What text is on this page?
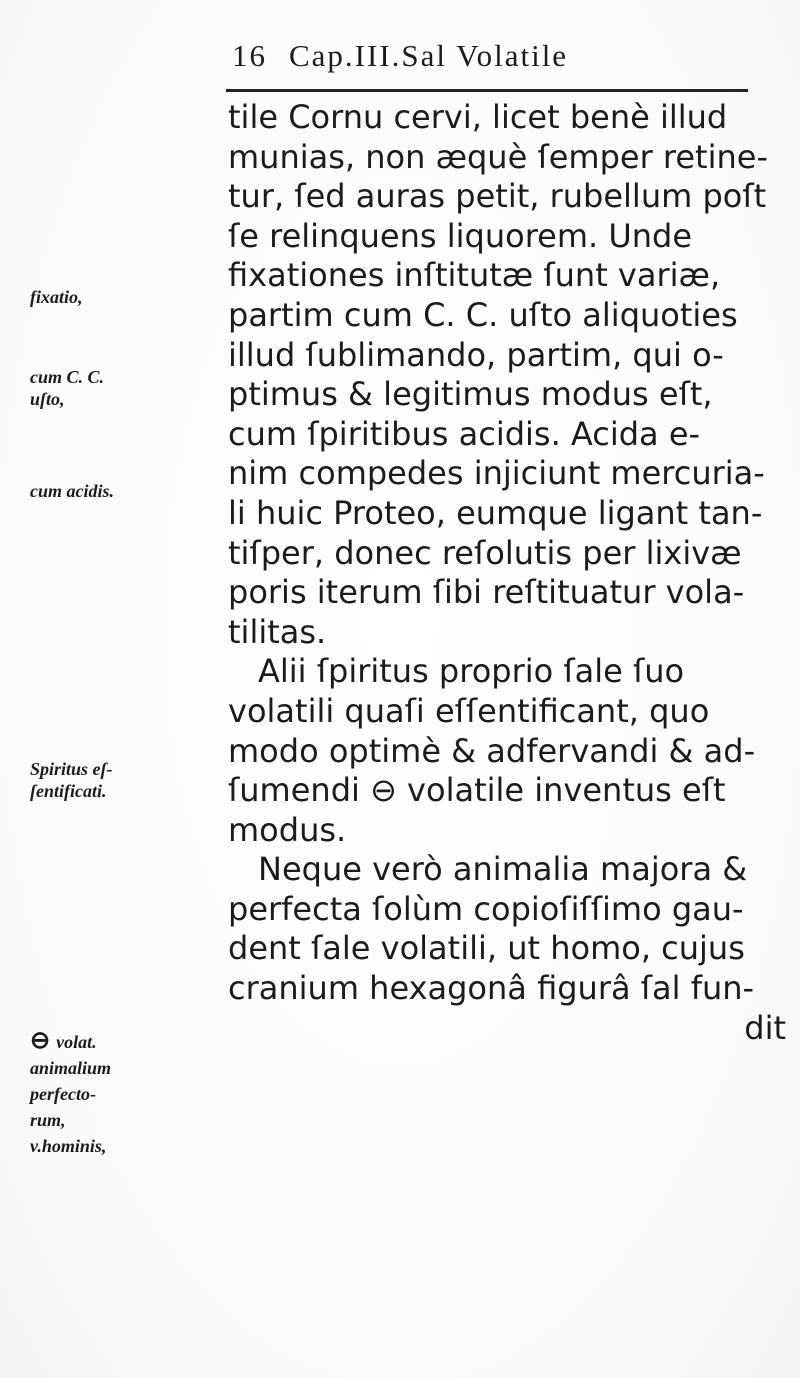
16 Cap.III.Sal Volatile
fixatio,
cum C. C.
uſto,
cum acidis.
Spiritus eſ-
ſentificati.
⊖ volat.
animalium
perfecto-
rum,
v.hominis,
tile Cornu cervi, licet benè illud
munias, non æquè ſemper retine-
tur, ſed auras petit, rubellum poſt
ſe relinquens liquorem. Unde
fixationes inſtitutæ ſunt variæ,
partim cum C. C. uſto aliquoties
illud ſublimando, partim, qui o-
ptimus & legitimus modus eſt,
cum ſpiritibus acidis. Acida e-
nim compedes injiciunt mercuria-
li huic Proteo, eumque ligant tan-
tiſper, donec reſolutis per lixivæ
poris iterum ſibi reſtituatur vola-
tilitas.
Alii ſpiritus proprio ſale ſuo
volatili quaſi eſſentificant, quo
modo optimè & adfervandi & ad-
ſumendi ⊖ volatile inventus eſt
modus.
Neque verò animalia majora &
perfecta ſolùm copioſiſſimo gau-
dent ſale volatili, ut homo, cujus
cranium hexagonâ figurâ ſal fun-
dit
